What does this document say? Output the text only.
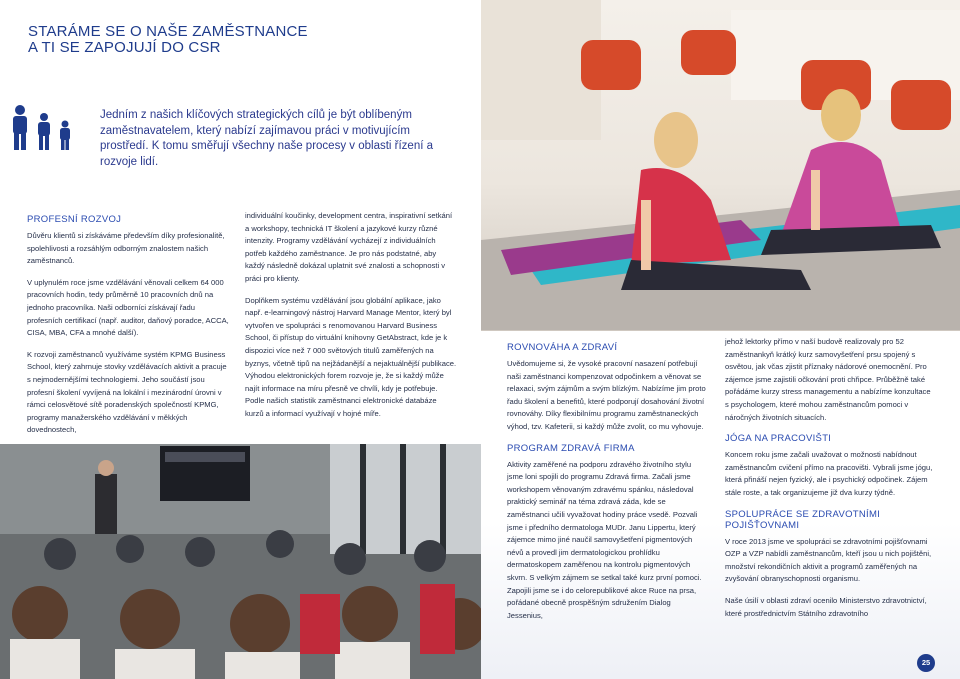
STARÁME SE O NAŠE ZAMĚSTNANCE
A TI SE ZAPOJUJÍ DO CSR
Jedním z našich klíčových strategických cílů je být oblíbeným zaměstnavatelem, který nabízí zajímavou práci v motivujícím prostředí. K tomu směřují všechny naše procesy v oblasti řízení a rozvoje lidí.
PROFESNÍ ROZVOJ

Důvěru klientů si získáváme především díky profesionalitě, spolehlivosti a rozsáhlým odborným znalostem našich zaměstnanců.

V uplynulém roce jsme vzdělávání věnovali celkem 64 000 pracovních hodin, tedy průměrně 10 pracovních dnů na jednoho pracovníka. Naši odborníci získávají řadu profesních certifikací (např. auditor, daňový poradce, ACCA, CISA, MBA, CFA a mnohé další).

K rozvoji zaměstnanců využíváme systém KPMG Business School, který zahrnuje stovky vzdělávacích aktivit a pracuje s nejmodernějšími technologiemi. Jeho součástí jsou profesní školení vyvíjená na lokální i mezinárodní úrovni v rámci celosvětové sítě poradenských společností KPMG, programy manažerského vzdělávání v měkkých dovednostech,

individuální koučinky, development centra, inspirativní setkání a workshopy, technická IT školení a jazykové kurzy různé intenzity. Programy vzdělávání vycházejí z individuálních potřeb každého zaměstnance. Je pro nás podstatné, aby každý následně dokázal uplatnit své znalosti a schopnosti v práci pro klienty.

Doplňkem systému vzdělávání jsou globální aplikace, jako např. e-learningový nástroj Harvard Manage Mentor, který byl vytvořen ve spolupráci s renomovanou Harvard Business School, či přístup do virtuální knihovny GetAbstract, kde je k dispozici více než 7 000 světových titulů zaměřených na byznys, včetně tipů na nejžádanější a nejaktuálnější publikace. Výhodou elektronických forem rozvoje je, že si každý může najít informace na míru přesně ve chvíli, kdy je potřebuje. Podle našich statistik zaměstnanci elektronické databáze kurzů a informací využívají v hojné míře.

ROVNOVÁHA A ZDRAVÍ

Uvědomujeme si, že vysoké pracovní nasazení potřebují naši zaměstnanci kompenzovat odpočinkem a věnovat se relaxaci, svým zájmům a svým blízkým. Nabízíme jim proto řadu školení a benefitů, které podporují dosahování životní rovnováhy. Díky flexibilnímu programu zaměstnaneckých výhod, tzv. Kafeterii, si každý může zvolit, co mu vyhovuje.

PROGRAM ZDRAVÁ FIRMA

Aktivity zaměřené na podporu zdravého životního stylu jsme loni spojili do programu Zdravá firma. Začali jsme workshopem věnovaným zdravému spánku, následoval praktický seminář na téma zdravá záda, kde se zaměstnanci učili vyvažovat hodiny práce vsedě. Pozvali jsme i předního dermatologa MUDr. Janu Lippertu, který zájemce mimo jiné naučil samovyšetření pigmentových névů a provedl jim dermatologickou prohlídku dermatoskopem zaměřenou na kontrolu pigmentových skvrn. S velkým zájmem se setkal také kurz první pomoci. Zapojili jsme se i do celorepublikové akce Ruce na prsa, pořádané obecně prospěšným sdružením Dialog Jessenius,

jehož lektorky přímo v naší budově realizovaly pro 52 zaměstnankyň krátký kurz samovyšetření prsu spojený s osvětou, jak včas zjistit příznaky nádorové onemocnění. Pro zájemce jsme zajistili očkování proti chřipce. Průběžně také pořádáme kurzy stress managementu a nabízíme konzultace s psychologem, které mohou zaměstnancům pomoci v náročných životních situacích.

JÓGA NA PRACOVIŠTI

Koncem roku jsme začali uvažovat o možnosti nabídnout zaměstnancům cvičení přímo na pracovišti. Vybrali jsme jógu, která přináší nejen fyzický, ale i psychický odpočinek. Zájem stále roste, a tak organizujeme již dva kurzy týdně.

SPOLUPRÁCE SE ZDRAVOTNÍMI POJIŠŤOVNAMI

V roce 2013 jsme ve spolupráci se zdravotními pojišťovnami OZP a VZP nabídli zaměstnancům, kteří jsou u nich pojištěni, množství rekondičních aktivit a programů zaměřených na zvyšování obranyschopnosti organismu.

Naše úsilí v oblasti zdraví ocenilo Ministerstvo zdravotnictví, které prostřednictvím Státního zdravotního

25
